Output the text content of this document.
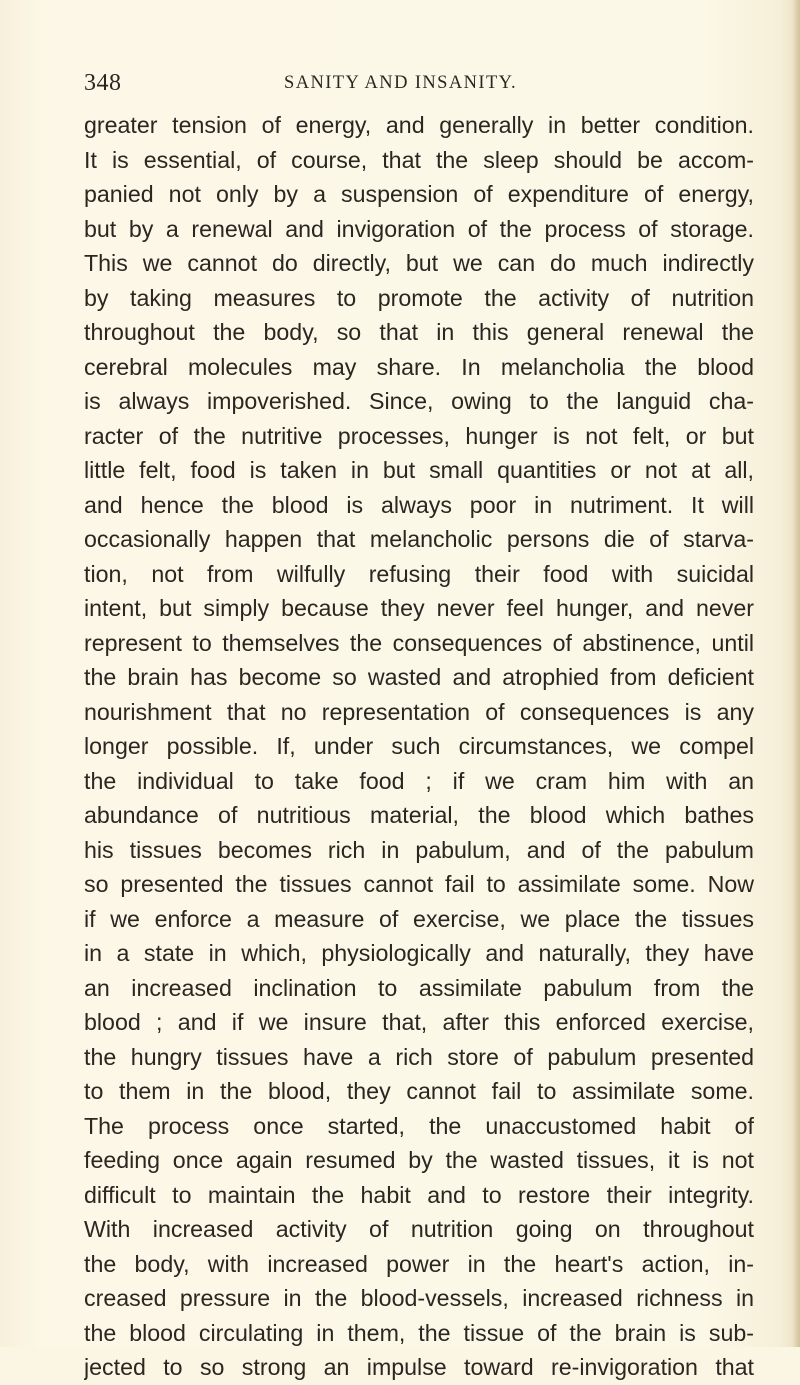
348	SANITY AND INSANITY.
greater tension of energy, and generally in better condition.
It is essential, of course, that the sleep should be accom-
panied not only by a suspension of expenditure of energy,
but by a renewal and invigoration of the process of storage.
This we cannot do directly, but we can do much indirectly
by taking measures to promote the activity of nutrition
throughout the body, so that in this general renewal the
cerebral molecules may share. In melancholia the blood
is always impoverished. Since, owing to the languid cha-
racter of the nutritive processes, hunger is not felt, or but
little felt, food is taken in but small quantities or not at all,
and hence the blood is always poor in nutriment. It will
occasionally happen that melancholic persons die of starva-
tion, not from wilfully refusing their food with suicidal
intent, but simply because they never feel hunger, and never
represent to themselves the consequences of abstinence, until
the brain has become so wasted and atrophied from deficient
nourishment that no representation of consequences is any
longer possible. If, under such circumstances, we compel
the individual to take food ; if we cram him with an
abundance of nutritious material, the blood which bathes
his tissues becomes rich in pabulum, and of the pabulum
so presented the tissues cannot fail to assimilate some. Now
if we enforce a measure of exercise, we place the tissues
in a state in which, physiologically and naturally, they have
an increased inclination to assimilate pabulum from the
blood ; and if we insure that, after this enforced exercise,
the hungry tissues have a rich store of pabulum presented
to them in the blood, they cannot fail to assimilate some.
The process once started, the unaccustomed habit of
feeding once again resumed by the wasted tissues, it is not
difficult to maintain the habit and to restore their integrity.
With increased activity of nutrition going on throughout
the body, with increased power in the heart's action, in-
creased pressure in the blood-vessels, increased richness in
the blood circulating in them, the tissue of the brain is sub-
jected to so strong an impulse toward re-invigoration that
